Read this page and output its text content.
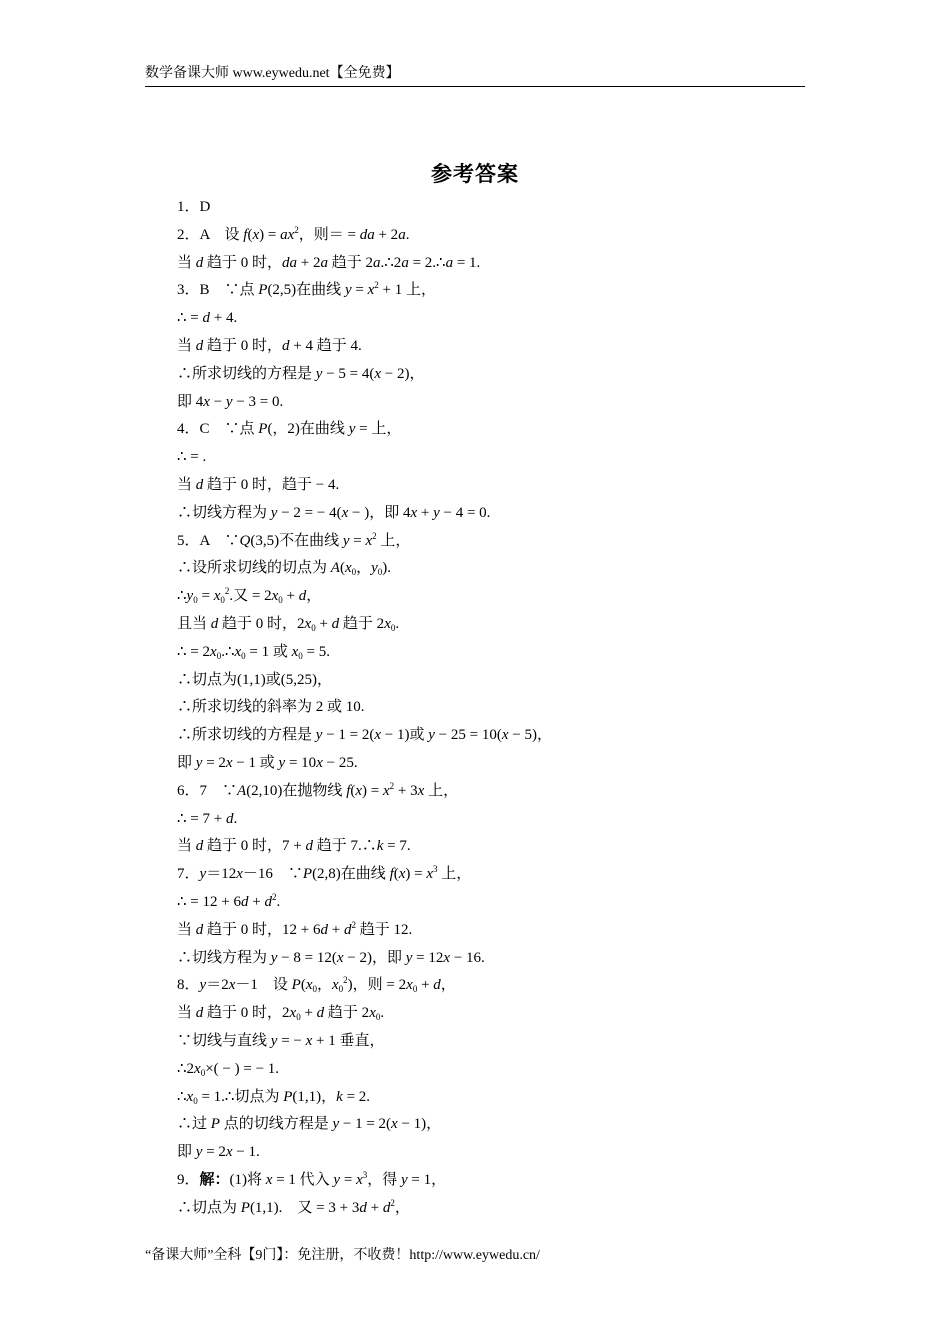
数学备课大师 www.eywedu.net【全免费】
参考答案
1．D
2．A　设 $f(x) = ax^2$，则＝ = da + 2a.
当 d 趋于 0 时，da + 2a 趋于 2a.∴2a = 2.∴a = 1.
3．B　∵点 P(2,5)在曲线 $y = x^2 + 1$ 上，
∴ = d + 4.
当 d 趋于 0 时，d + 4 趋于 4.
∴所求切线的方程是 y − 5 = 4(x − 2)，
即 4x − y − 3 = 0.
4．C　∵点 P(，2)在曲线 y = 上，
∴ = .
当 d 趋于 0 时，趋于 − 4.
∴切线方程为 y − 2 = − 4(x − )，即 4x + y − 4 = 0.
5．A　∵Q(3,5)不在曲线 $y = x^2$ 上，
∴设所求切线的切点为 $A(x_0$，$y_0$).
$\therefore y_0 = x_0^2$.又 = $2x_0 + d$，
且当 d 趋于 0 时，$2x_0 + d$ 趋于 $2x_0$.
∴ = $2x_0.\therefore x_0 = 1$ 或 $x_0 = 5$.
∴切点为(1,1)或(5,25)，
∴所求切线的斜率为 2 或 10.
∴所求切线的方程是 y − 1 = 2(x − 1)或 y − 25 = 10(x − 5)，
即 y = 2x − 1 或 y = 10x − 25.
6．7　∵A(2,10)在抛物线 $f(x) = x^2 + 3x$ 上，
∴ = 7 + d.
当 d 趋于 0 时，7 + d 趋于 7.∴k = 7.
7．y＝12x－16　∵P(2,8)在曲线 $f(x) = x^3$ 上，
∴ = $12 + 6d + d^2$.
当 d 趋于 0 时，$12 + 6d + d^2$ 趋于 12.
∴切线方程为 y − 8 = 12(x − 2)，即 y = 12x − 16.
8．y＝2x－1　设 $P(x_0$，$x_0^2$)，则 = $2x_0 + d$，
当 d 趋于 0 时，$2x_0 + d$ 趋于 $2x_0$.
∵切线与直线 y = − x + 1 垂直，
$\therefore 2x_0\times$( − ) = − 1.
$\therefore x_0$ = 1.∴切点为 P(1,1)，k = 2.
∴过 P 点的切线方程是 y − 1 = 2(x − 1)，
即 y = 2x − 1.
9．解：(1)将 x = 1 代入 $y = x^3$，得 y = 1，
∴切点为 P(1,1).　又 = $3 + 3d + d^2$，
“备课大师”全科【9门】：免注册，不收费！http://www.eywedu.cn/
